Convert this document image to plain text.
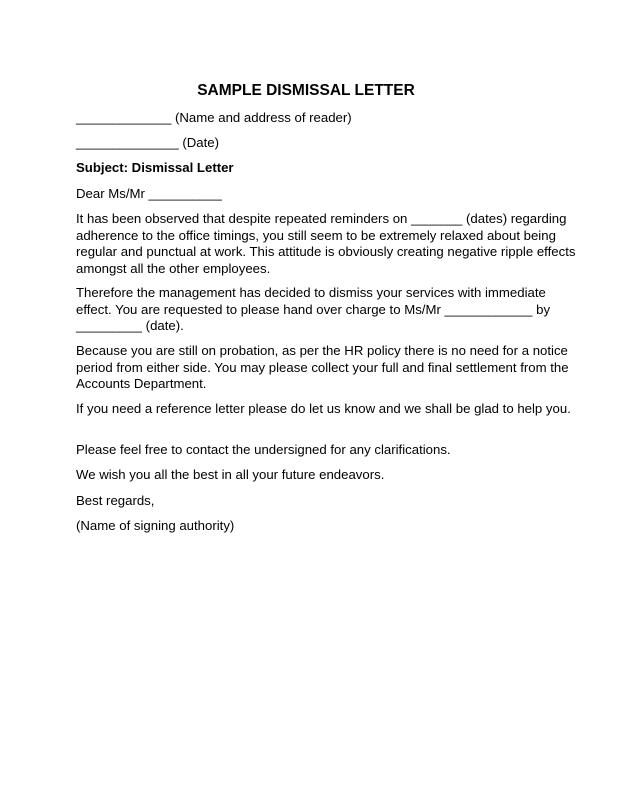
SAMPLE DISMISSAL LETTER

_____________ (Name and address of reader)

______________ (Date)

Subject: Dismissal Letter

Dear Ms/Mr __________

It has been observed that despite repeated reminders on _______ (dates) regarding adherence to the office timings, you still seem to be extremely relaxed about being regular and punctual at work. This attitude is obviously creating negative ripple effects amongst all the other employees.

Therefore the management has decided to dismiss your services with immediate effect. You are requested to please hand over charge to Ms/Mr ____________ by _________ (date).

Because you are still on probation, as per the HR policy there is no need for a notice period from either side. You may please collect your full and final settlement from the Accounts Department.

If you need a reference letter please do let us know and we shall be glad to help you.

Please feel free to contact the undersigned for any clarifications.

We wish you all the best in all your future endeavors.

Best regards,

(Name of signing authority)
